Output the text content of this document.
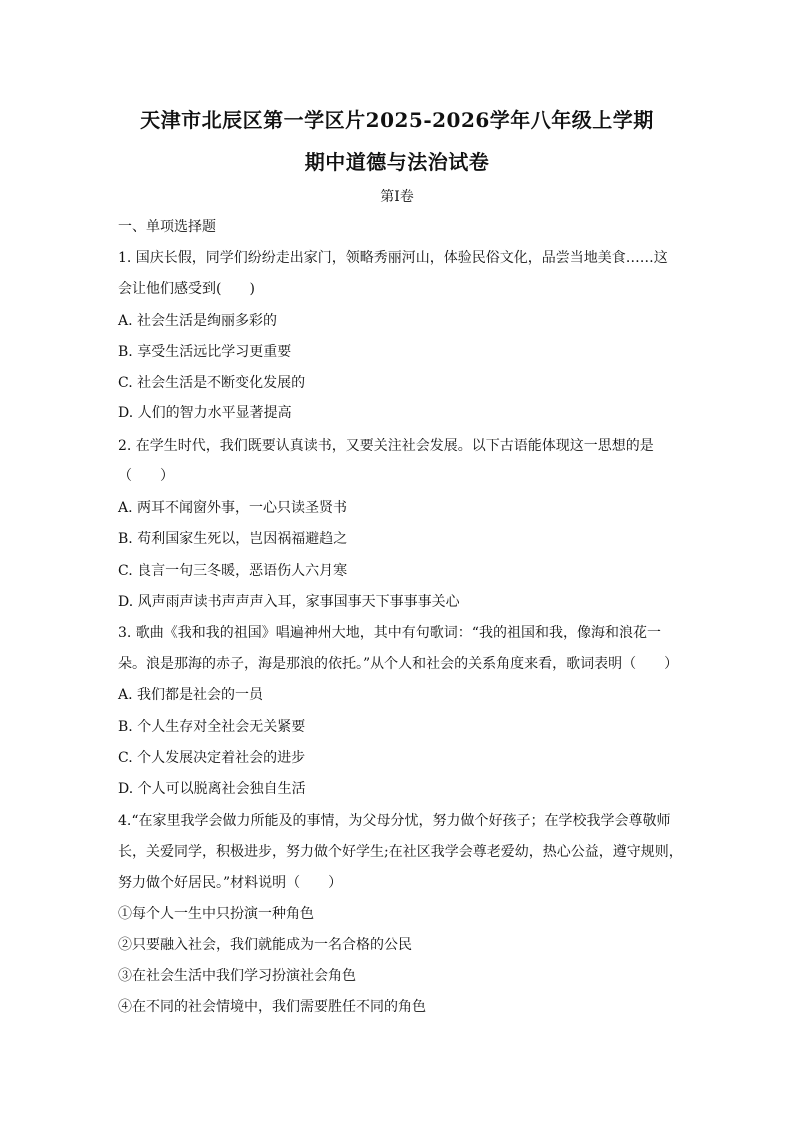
天津市北辰区第一学区片2025-2026学年八年级上学期
期中道德与法治试卷
第I卷
一、单项选择题
1. 国庆长假，同学们纷纷走出家门，领略秀丽河山，体验民俗文化，品尝当地美食……这
会让他们感受到(　　)
A. 社会生活是绚丽多彩的
B. 享受生活远比学习更重要
C. 社会生活是不断变化发展的
D. 人们的智力水平显著提高
2. 在学生时代，我们既要认真读书，又要关注社会发展。以下古语能体现这一思想的是
（　　）
A. 两耳不闻窗外事，一心只读圣贤书
B. 苟利国家生死以，岂因祸福避趋之
C. 良言一句三冬暖，恶语伤人六月寒
D. 风声雨声读书声声声入耳，家事国事天下事事事关心
3. 歌曲《我和我的祖国》唱遍神州大地，其中有句歌词：“我的祖国和我，像海和浪花一
朵。浪是那海的赤子，海是那浪的依托。”从个人和社会的关系角度来看，歌词表明（　　）
A. 我们都是社会的一员
B. 个人生存对全社会无关紧要
C. 个人发展决定着社会的进步
D. 个人可以脱离社会独自生活
4.“在家里我学会做力所能及的事情，为父母分忧，努力做个好孩子；在学校我学会尊敬师
长，关爱同学，积极进步，努力做个好学生;在社区我学会尊老爱幼，热心公益，遵守规则，
努力做个好居民。”材料说明（　　）
①每个人一生中只扮演一种角色
②只要融入社会，我们就能成为一名合格的公民
③在社会生活中我们学习扮演社会角色
④在不同的社会情境中，我们需要胜任不同的角色
